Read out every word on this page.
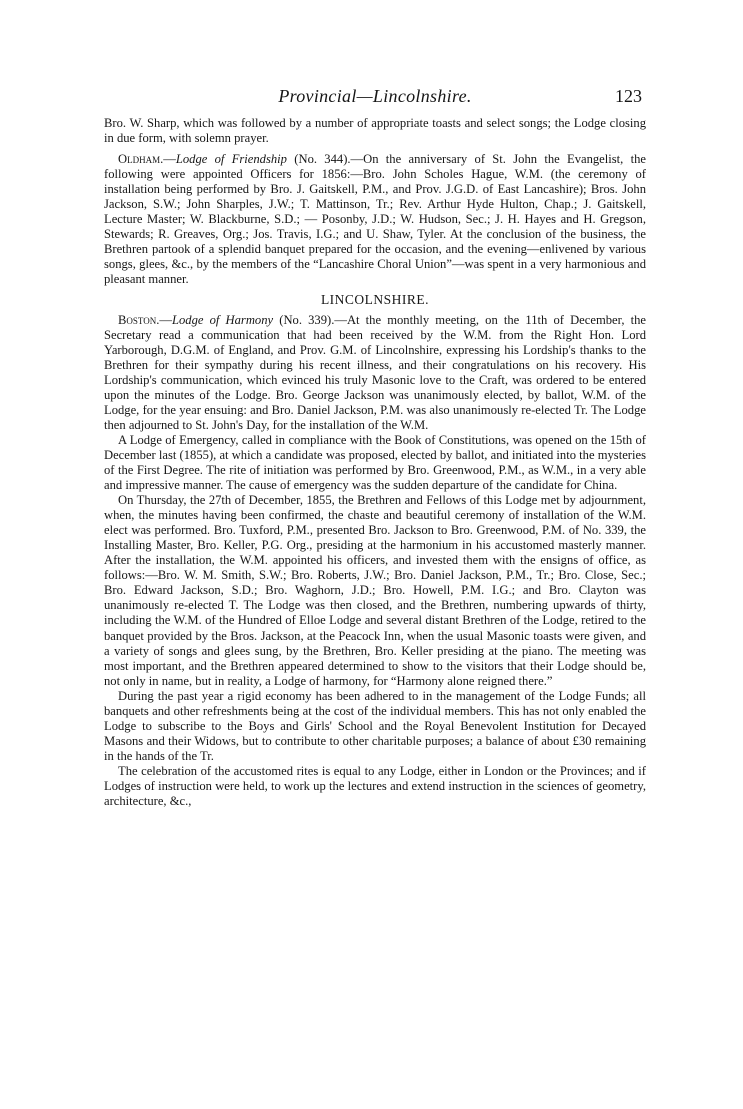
Provincial—Lincolnshire.	123

Bro. W. Sharp, which was followed by a number of appropriate toasts and select songs; the Lodge closing in due form, with solemn prayer.

Oldham.—Lodge of Friendship (No. 344).—On the anniversary of St. John the Evangelist, the following were appointed Officers for 1856:—Bro. John Scholes Hague, W.M. (the ceremony of installation being performed by Bro. J. Gaitskell, P.M., and Prov. J.G.D. of East Lancashire); Bros. John Jackson, S.W.; John Sharples, J.W.; T. Mattinson, Tr.; Rev. Arthur Hyde Hulton, Chap.; J. Gaitskell, Lecture Master; W. Blackburne, S.D.; — Posonby, J.D.; W. Hudson, Sec.; J. H. Hayes and H. Gregson, Stewards; R. Greaves, Org.; Jos. Travis, I.G.; and U. Shaw, Tyler. At the conclusion of the business, the Brethren partook of a splendid banquet prepared for the occasion, and the evening—enlivened by various songs, glees, &c., by the members of the “Lancashire Choral Union”—was spent in a very harmonious and pleasant manner.

LINCOLNSHIRE.

Boston.—Lodge of Harmony (No. 339).—At the monthly meeting, on the 11th of December, the Secretary read a communication that had been received by the W.M. from the Right Hon. Lord Yarborough, D.G.M. of England, and Prov. G.M. of Lincolnshire, expressing his Lordship's thanks to the Brethren for their sympathy during his recent illness, and their congratulations on his recovery. His Lordship's communication, which evinced his truly Masonic love to the Craft, was ordered to be entered upon the minutes of the Lodge. Bro. George Jackson was unanimously elected, by ballot, W.M. of the Lodge, for the year ensuing: and Bro. Daniel Jackson, P.M. was also unanimously re-elected Tr. The Lodge then adjourned to St. John's Day, for the installation of the W.M.

A Lodge of Emergency, called in compliance with the Book of Constitutions, was opened on the 15th of December last (1855), at which a candidate was proposed, elected by ballot, and initiated into the mysteries of the First Degree. The rite of initiation was performed by Bro. Greenwood, P.M., as W.M., in a very able and impressive manner. The cause of emergency was the sudden departure of the candidate for China.

On Thursday, the 27th of December, 1855, the Brethren and Fellows of this Lodge met by adjournment, when, the minutes having been confirmed, the chaste and beautiful ceremony of installation of the W.M. elect was performed. Bro. Tuxford, P.M., presented Bro. Jackson to Bro. Greenwood, P.M. of No. 339, the Installing Master, Bro. Keller, P.G. Org., presiding at the harmonium in his accustomed masterly manner. After the installation, the W.M. appointed his officers, and invested them with the ensigns of office, as follows:—Bro. W. M. Smith, S.W.; Bro. Roberts, J.W.; Bro. Daniel Jackson, P.M., Tr.; Bro. Close, Sec.; Bro. Edward Jackson, S.D.; Bro. Waghorn, J.D.; Bro. Howell, P.M. I.G.; and Bro. Clayton was unanimously re-elected T. The Lodge was then closed, and the Brethren, numbering upwards of thirty, including the W.M. of the Hundred of Elloe Lodge and several distant Brethren of the Lodge, retired to the banquet provided by the Bros. Jackson, at the Peacock Inn, when the usual Masonic toasts were given, and a variety of songs and glees sung, by the Brethren, Bro. Keller presiding at the piano. The meeting was most important, and the Brethren appeared determined to show to the visitors that their Lodge should be, not only in name, but in reality, a Lodge of harmony, for “Harmony alone reigned there.”

During the past year a rigid economy has been adhered to in the management of the Lodge Funds; all banquets and other refreshments being at the cost of the individual members. This has not only enabled the Lodge to subscribe to the Boys and Girls' School and the Royal Benevolent Institution for Decayed Masons and their Widows, but to contribute to other charitable purposes; a balance of about £30 remaining in the hands of the Tr.

The celebration of the accustomed rites is equal to any Lodge, either in London or the Provinces; and if Lodges of instruction were held, to work up the lectures and extend instruction in the sciences of geometry, architecture, &c.,
